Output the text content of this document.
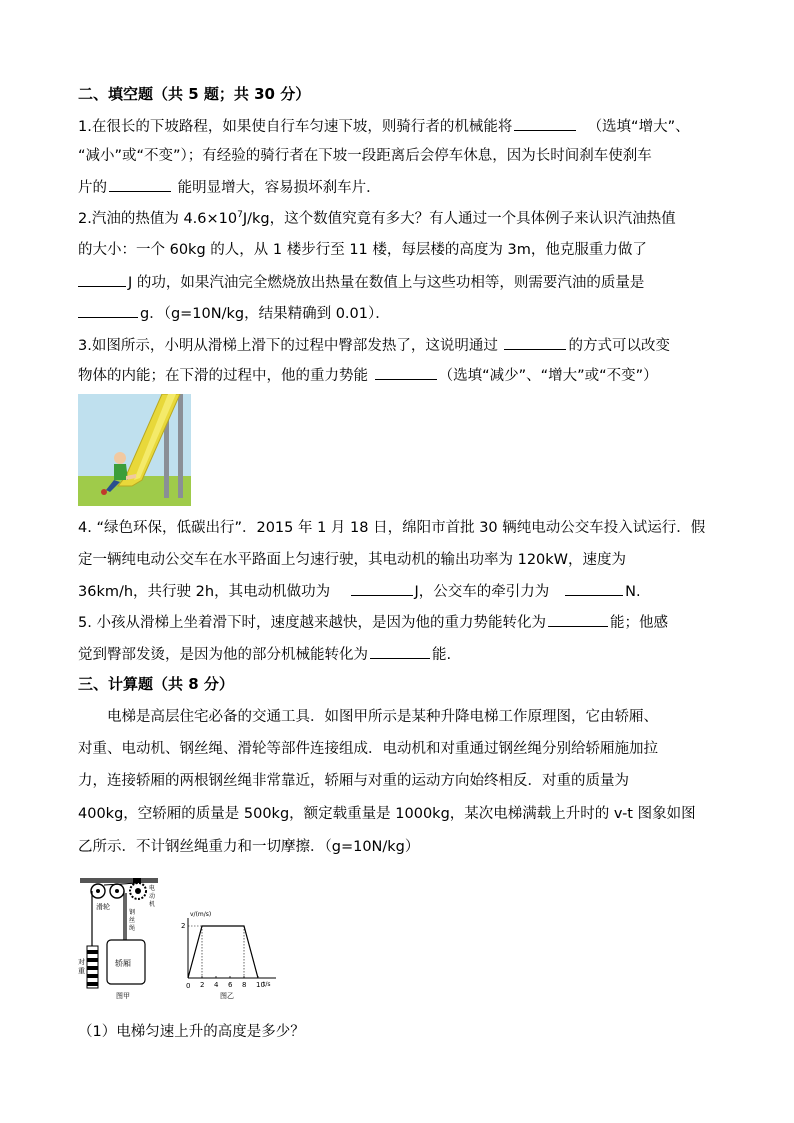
二、填空题（共 5 题；共 30 分）
1.在很长的下坡路程，如果使自行车匀速下坡，则骑行者的机械能将	（选填“增大”、
“减小”或“不变”）；有经验的骑行者在下坡一段距离后会停车休息，因为长时间刹车使刹车
片的	能明显增大，容易损坏刹车片．
2.汽油的热值为 $4.6\times 10^7J/kg$，这个数值究竟有多大？有人通过一个具体例子来认识汽油热值
的大小：一个 60kg 的人，从 1 楼步行至 11 楼，每层楼的高度为 3m，他克服重力做了
J 的功，如果汽油完全燃烧放出热量在数值上与这些功相等，则需要汽油的质量是
g．（g=10N/kg，结果精确到 0.01）．
3.如图所示，小明从滑梯上滑下的过程中臀部发热了，这说明通过	的方式可以改变
物体的内能；在下滑的过程中，他的重力势能	（选填“减少”、“增大”或“不变”）
4. “绿色环保，低碳出行”．2015 年 1 月 18 日，绵阳市首批 30 辆纯电动公交车投入试运行．假
定一辆纯电动公交车在水平路面上匀速行驶，其电动机的输出功率为 120kW，速度为
36km/h，共行驶 2h，其电动机做功为	J，公交车的牵引力为	N.
5. 小孩从滑梯上坐着滑下时，速度越来越快，是因为他的重力势能转化为	能；他感
觉到臀部发烫，是因为他的部分机械能转化为	能.
三、计算题（共 8 分）
电梯是高层住宅必备的交通工具．如图甲所示是某种升降电梯工作原理图，它由轿厢、
对重、电动机、钢丝绳、滑轮等部件连接组成．电动机和对重通过钢丝绳分别给轿厢施加拉
力，连接轿厢的两根钢丝绳非常靠近，轿厢与对重的运动方向始终相反．对重的质量为
400kg，空轿厢的质量是 500kg，额定载重量是 1000kg，某次电梯满载上升时的 v-t 图象如图
乙所示．不计钢丝绳重力和一切摩擦．（g=10N/kg）
滑轮
电
动
机
钢
丝
绳
对
重
轿厢
图甲
0
v/(m/s)
t/s
图乙
2 4 6 8 10
2
（1）电梯匀速上升的高度是多少？
